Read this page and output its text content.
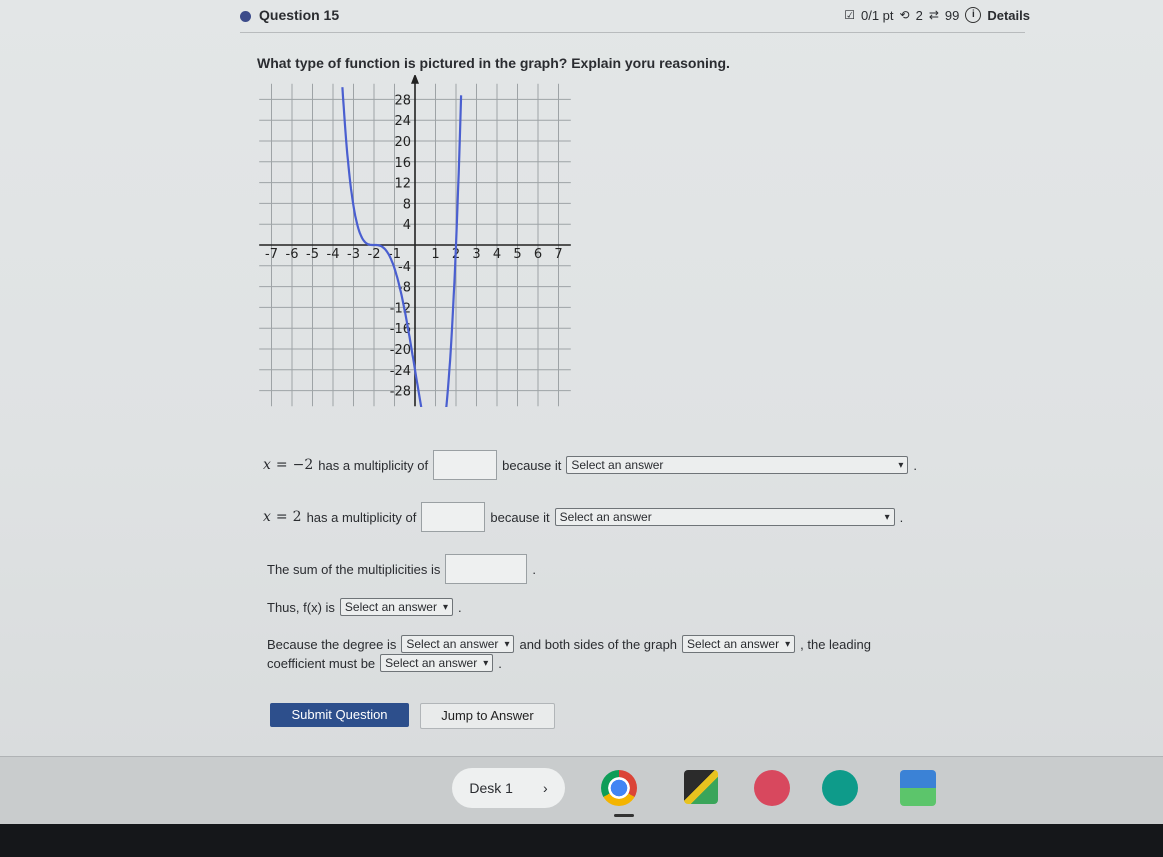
Question 15	☑ 0/1 pt ⟲ 2 ⇄ 99	i Details
What type of function is pictured in the graph? Explain yoru reasoning.
-7 -6 -5 -4 -3 -2 -1 1 2 3 4 5 6 7
28
24
20
16
12
8
4
-4
-8
-12
-16
-20
-24
-28
x = −2 has a multiplicity of	because it Select an answer	▾ .
x = 2 has a multiplicity of	because it Select an answer	▾ .
The sum of the multiplicities is	.
Thus, f(x) is Select an answer ▾ .
Because the degree is Select an answer ▾ and both sides of the graph Select an answer ▾ , the leading
coefficient must be Select an answer ▾ .
Submit Question	Jump to Answer
Desk 1 ›
